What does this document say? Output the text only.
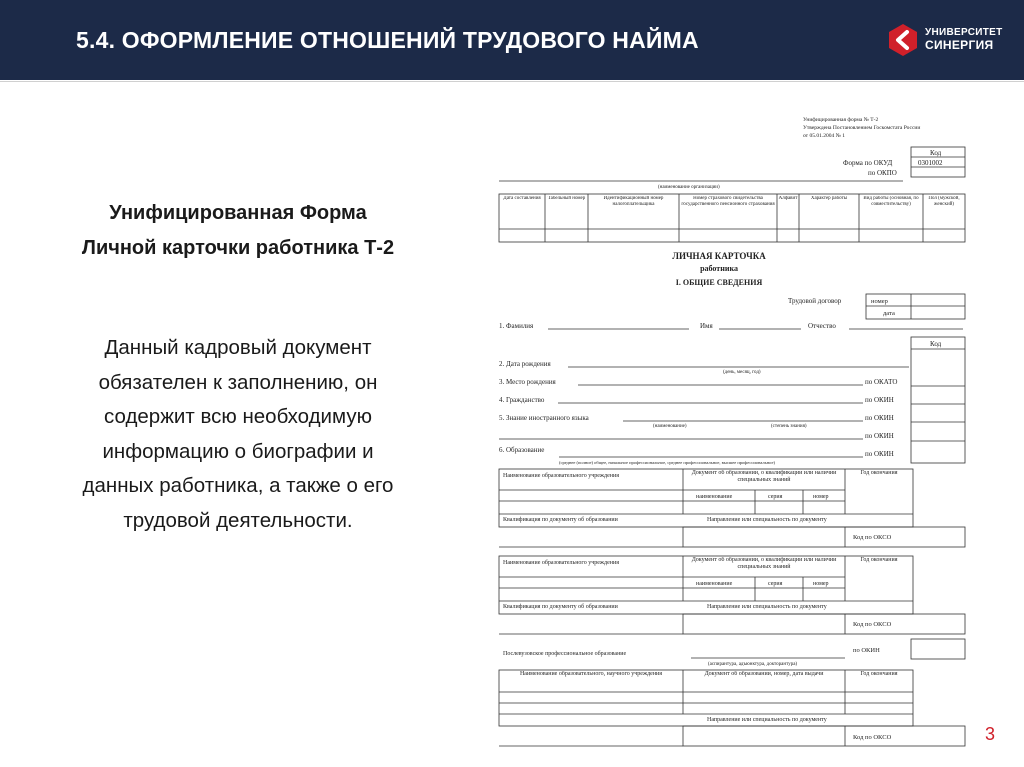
5.4. ОФОРМЛЕНИЕ ОТНОШЕНИЙ ТРУДОВОГО НАЙМА	УНИВЕРСИТЕТ
СИНЕРГИЯ
Унифицированная Форма
Личной карточки работника Т-2
Данный кадровый документ
обязателен к заполнению, он
содержит всю необходимую
информацию о биографии и
данных работника, а также о его
трудовой деятельности.
Унифицированная форма № Т-2
Утверждена Постановлением Госкомстата России
от 05.01.2004 № 1
Код
Форма по ОКУД	0301002
по ОКПО
(наименование организации)
Дата составления	Табельный номер	Идентификационный номер налогоплательщика
Номер страхового свидетельства государственного пенсионного страхования
Алфавит	Характер работы	Вид работы (основная, по совместительству)
Пол (мужской, женский)
ЛИЧНАЯ КАРТОЧКА
работника
I. ОБЩИЕ СВЕДЕНИЯ
Трудовой договор	номер
дата
1. Фамилия	Имя	Отчество
Код
2. Дата рождения
(день, месяц, год)
3. Место рождения	по ОКАТО
4. Гражданство	по ОКИН
5. Знание иностранного языка	по ОКИН
(наименование)	(степень знания)
по ОКИН
6. Образование	по ОКИН
(среднее (полное) общее, начальное профессиональное, среднее профессиональное, высшее профессиональное)
Наименование образовательного учреждения	Документ об образовании, о квалификации или наличии специальных знаний
наименование	серия	номер
Год окончания
Квалификация по документу об образовании	Направление или специальность по документу
Код по ОКСО
Наименование образовательного учреждения	Документ об образовании, о квалификации или наличии специальных знаний
наименование	серия	номер
Год окончания
Квалификация по документу об образовании	Направление или специальность по документу
Код по ОКСО
Послевузовское профессиональное образование
(аспирантура, адъюнктура, докторантура)
по ОКИН
Наименование образовательного, научного учреждения	Документ об образовании, номер, дата выдачи	Год окончания
Направление или специальность по документу
Код по ОКСО	3
